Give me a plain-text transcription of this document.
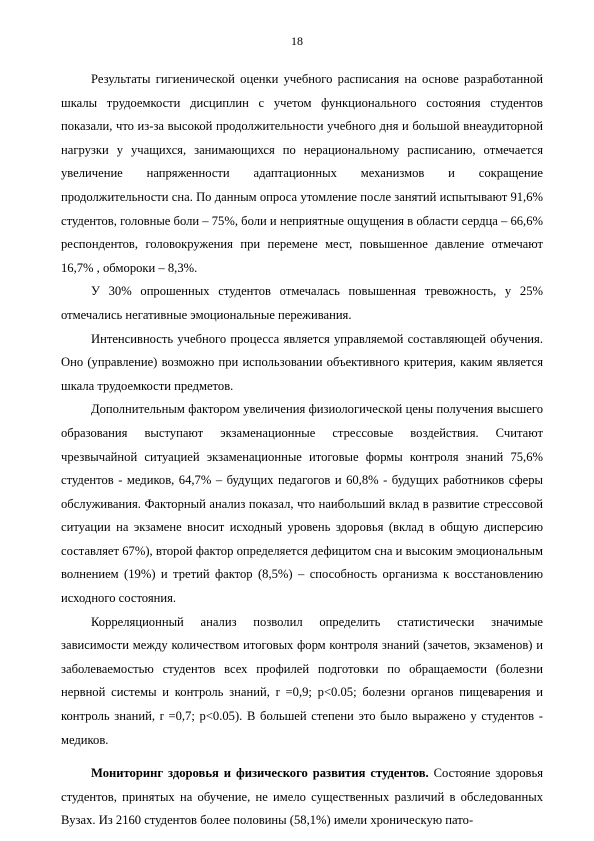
18

Результаты гигиенической оценки учебного расписания на основе разработанной шкалы трудоемкости дисциплин с учетом функционального состояния студентов показали, что из-за высокой продолжительности учебного дня и большой внеаудиторной нагрузки у учащихся, занимающихся по нерациональному расписанию, отмечается увеличение напряженности адаптационных механизмов и сокращение продолжительности сна. По данным опроса утомление после занятий испытывают 91,6% студентов, головные боли – 75%, боли и неприятные ощущения в области сердца – 66,6% респондентов, головокружения при перемене мест, повышенное давление отмечают 16,7% , обмороки – 8,3%.

У 30% опрошенных студентов отмечалась повышенная тревожность, у 25% отмечались негативные эмоциональные переживания.

Интенсивность учебного процесса является управляемой составляющей обучения. Оно (управление) возможно при использовании объективного критерия, каким является шкала трудоемкости предметов.

Дополнительным фактором увеличения физиологической цены получения высшего образования выступают экзаменационные стрессовые воздействия. Считают чрезвычайной ситуацией экзаменационные итоговые формы контроля знаний 75,6% студентов - медиков, 64,7% – будущих педагогов и 60,8% - будущих работников сферы обслуживания. Факторный анализ показал, что наибольший вклад в развитие стрессовой ситуации на экзамене вносит исходный уровень здоровья (вклад в общую дисперсию составляет 67%), второй фактор определяется дефицитом сна и высоким эмоциональным волнением (19%) и третий фактор (8,5%) – способность организма к восстановлению исходного состояния.

Корреляционный анализ позволил определить статистически значимые зависимости между количеством итоговых форм контроля знаний (зачетов, экзаменов) и заболеваемостью студентов всех профилей подготовки по обращаемости (болезни нервной системы и контроль знаний, r =0,9; p<0.05; болезни органов пищеварения и контроль знаний, r =0,7; p<0.05). В большей степени это было выражено у студентов - медиков.

Мониторинг здоровья и физического развития студентов. Состояние здоровья студентов, принятых на обучение, не имело существенных различий в обследованных Вузах. Из 2160 студентов более половины (58,1%) имели хроническую пато-
